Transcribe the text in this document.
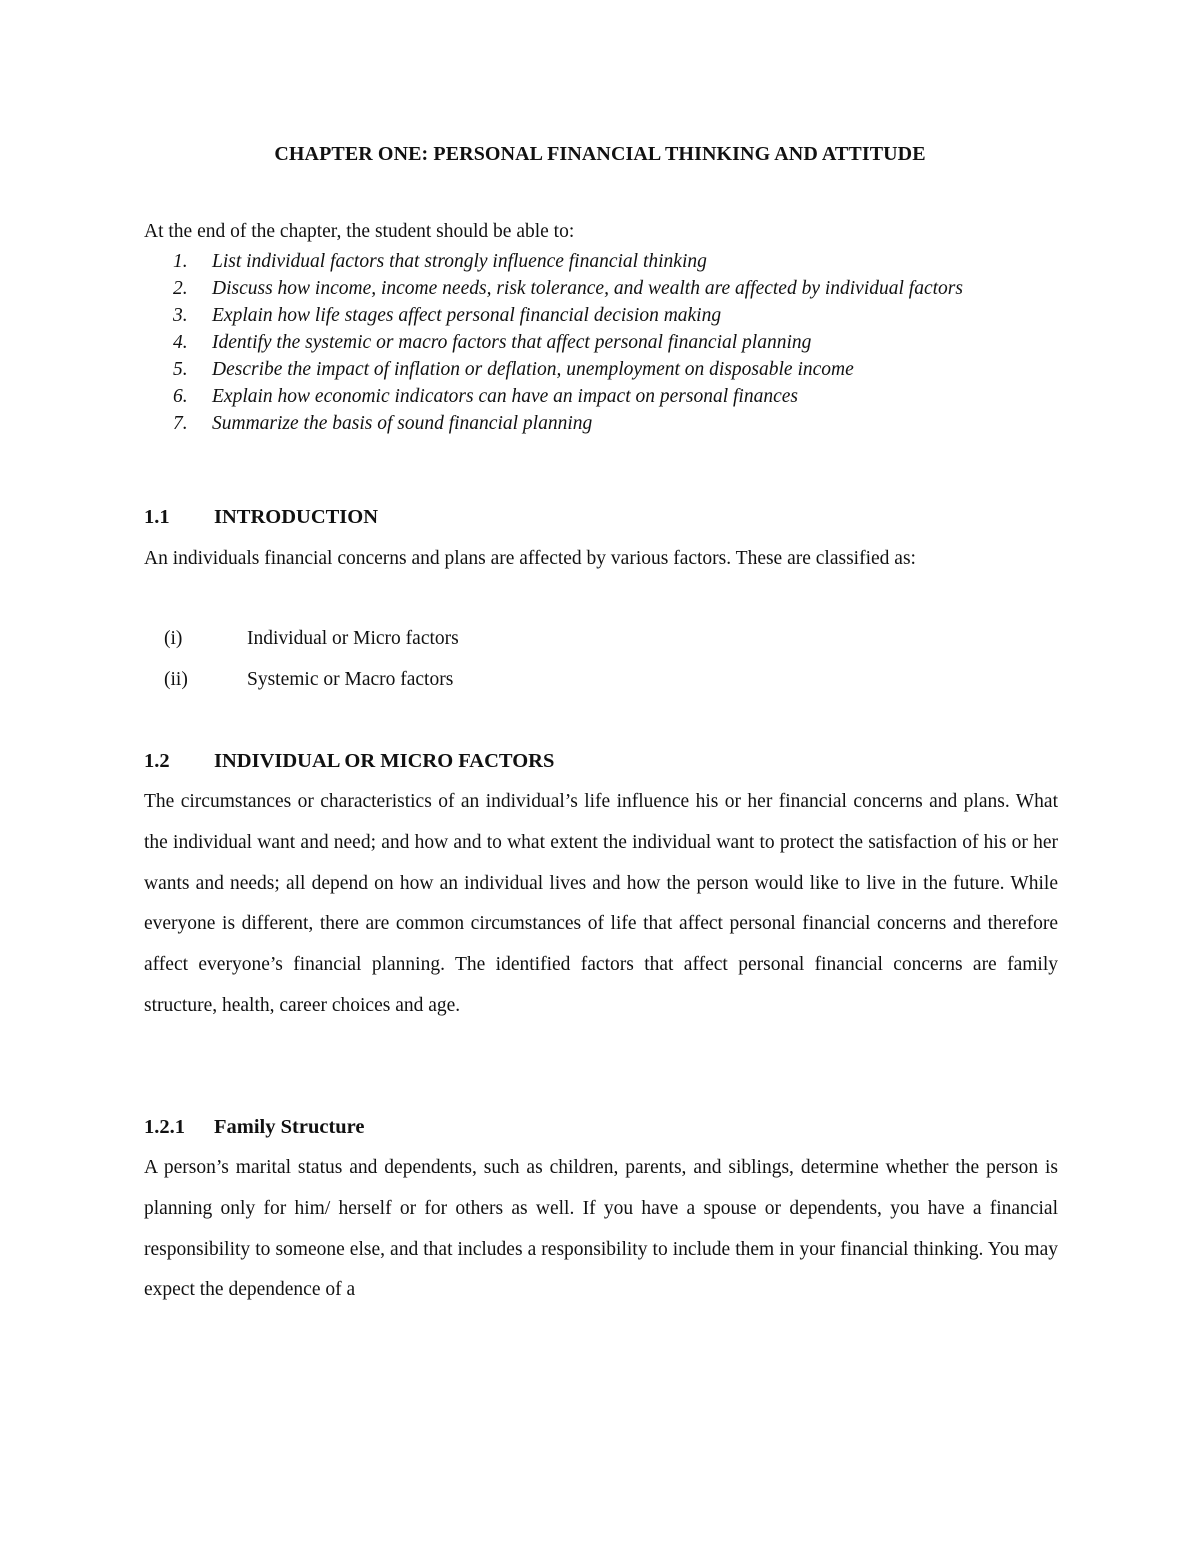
CHAPTER ONE: PERSONAL FINANCIAL THINKING AND ATTITUDE
At the end of the chapter, the student should be able to:
1. List individual factors that strongly influence financial thinking
2. Discuss how income, income needs, risk tolerance, and wealth are affected by individual factors
3. Explain how life stages affect personal financial decision making
4. Identify the systemic or macro factors that affect personal financial planning
5. Describe the impact of inflation or deflation, unemployment on disposable income
6. Explain how economic indicators can have an impact on personal finances
7. Summarize the basis of sound financial planning
1.1 INTRODUCTION

An individuals financial concerns and plans are affected by various factors. These are classified as:

(i)	Individual or Micro factors
(ii)	Systemic or Macro factors
1.2 INDIVIDUAL OR MICRO FACTORS

The circumstances or characteristics of an individual’s life influence his or her financial concerns and plans. What the individual want and need; and how and to what extent the individual want to protect the satisfaction of his or her wants and needs; all depend on how an individual lives and how the person would like to live in the future. While everyone is different, there are common circumstances of life that affect personal financial concerns and therefore affect everyone’s financial planning. The identified factors that affect personal financial concerns are family structure, health, career choices and age.

1.2.1 Family Structure

A person’s marital status and dependents, such as children, parents, and siblings, determine whether the person is planning only for him/ herself or for others as well. If you have a spouse or dependents, you have a financial responsibility to someone else, and that includes a responsibility to include them in your financial thinking. You may expect the dependence of a
